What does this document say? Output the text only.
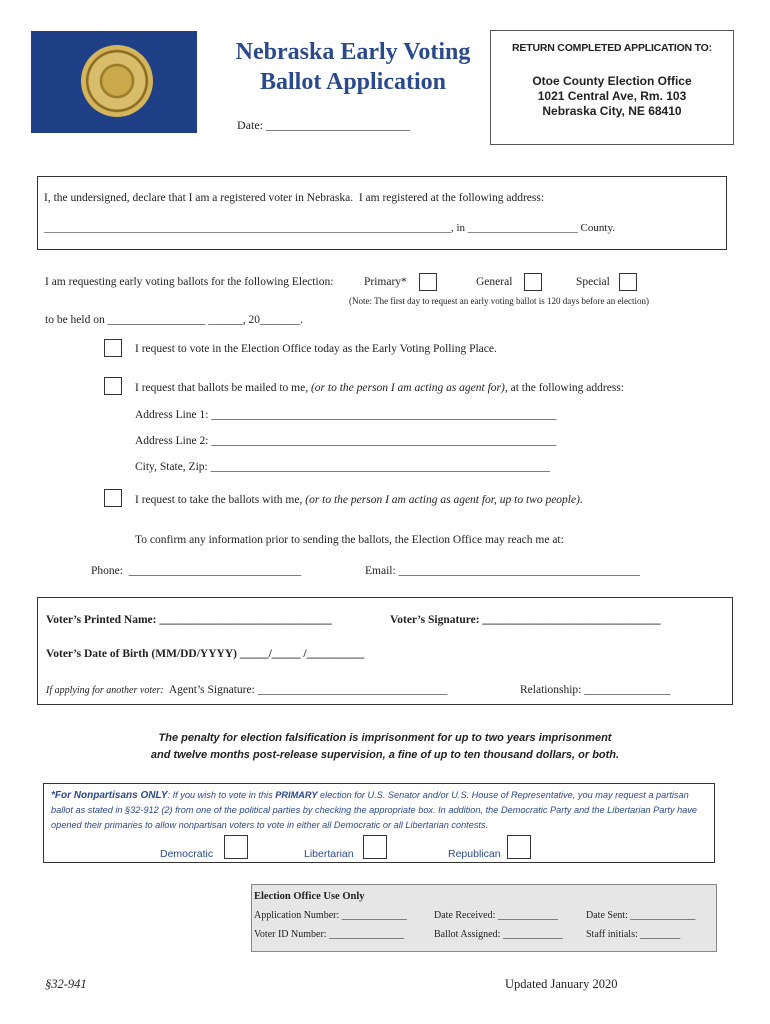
Nebraska Early Voting
Ballot Application
Date: ________________________
RETURN COMPLETED APPLICATION TO:
Otoe County Election Office
1021 Central Ave, Rm. 103
Nebraska City, NE 68410
I, the undersigned, declare that I am a registered voter in Nebraska.  I am registered at the following address:
__________________________________________________________________________, in ____________________ County.
I am requesting early voting ballots for the following Election:	Primary*	General	Special
(Note: The first day to request an early voting ballot is 120 days before an election)
to be held on _________________ ______, 20_______.
I request to vote in the Election Office today as the Early Voting Polling Place.
I request that ballots be mailed to me, (or to the person I am acting as agent for), at the following address:
Address Line 1: ____________________________________________________________
Address Line 2: ____________________________________________________________
City, State, Zip: ___________________________________________________________
I request to take the ballots with me, (or to the person I am acting as agent for, up to two people).
To confirm any information prior to sending the ballots, the Election Office may reach me at:
Phone:  ______________________________	Email: __________________________________________
Voter’s Printed Name: ______________________________	Voter’s Signature: _______________________________
Voter’s Date of Birth (MM/DD/YYYY) _____/_____ /__________
If applying for another voter:  Agent’s Signature: _________________________________	Relationship: _______________
The penalty for election falsification is imprisonment for up to two years imprisonment
and twelve months post-release supervision, a fine of up to ten thousand dollars, or both.
*For Nonpartisans ONLY: If you wish to vote in this PRIMARY election for U.S. Senator and/or U.S. House of Representative, you may request a partisan ballot as stated in §32-912 (2) from one of the political parties by checking the appropriate box. In addition, the Democratic Party and the Libertarian Party have opened their primaries to allow nonpartisan voters to vote in either all Democratic or all Libertarian contests.
Democratic	Libertarian	Republican
Election Office Use Only
Application Number: _____________	Date Received: ____________	Date Sent: _____________
Voter ID Number: _______________	Ballot Assigned: ____________ Staff initials: ________
§32-941	Updated January 2020
